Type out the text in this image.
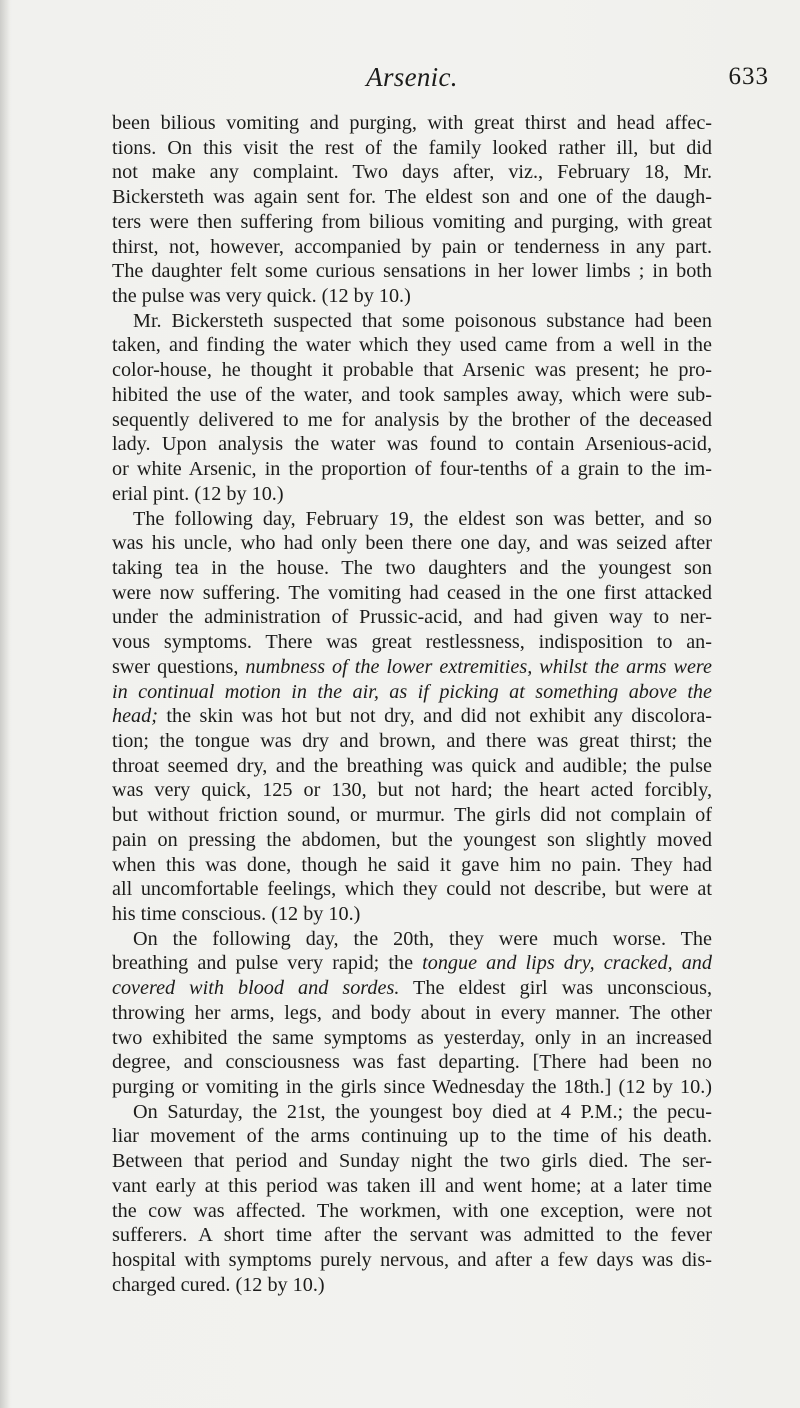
Arsenic.	633
been bilious vomiting and purging, with great thirst and head affec-
tions. On this visit the rest of the family looked rather ill, but did
not make any complaint. Two days after, viz., February 18, Mr.
Bickersteth was again sent for. The eldest son and one of the daugh-
ters were then suffering from bilious vomiting and purging, with great
thirst, not, however, accompanied by pain or tenderness in any part.
The daughter felt some curious sensations in her lower limbs ; in both
the pulse was very quick. (12 by 10.)
Mr. Bickersteth suspected that some poisonous substance had been
taken, and finding the water which they used came from a well in the
color-house, he thought it probable that Arsenic was present; he pro-
hibited the use of the water, and took samples away, which were sub-
sequently delivered to me for analysis by the brother of the deceased
lady. Upon analysis the water was found to contain Arsenious-acid,
or white Arsenic, in the proportion of four-tenths of a grain to the im-
erial pint. (12 by 10.)
The following day, February 19, the eldest son was better, and so
was his uncle, who had only been there one day, and was seized after
taking tea in the house. The two daughters and the youngest son
were now suffering. The vomiting had ceased in the one first attacked
under the administration of Prussic-acid, and had given way to ner-
vous symptoms. There was great restlessness, indisposition to an-
swer questions, numbness of the lower extremities, whilst the arms were
in continual motion in the air, as if picking at something above the
head; the skin was hot but not dry, and did not exhibit any discolora-
tion; the tongue was dry and brown, and there was great thirst; the
throat seemed dry, and the breathing was quick and audible; the pulse
was very quick, 125 or 130, but not hard; the heart acted forcibly,
but without friction sound, or murmur. The girls did not complain of
pain on pressing the abdomen, but the youngest son slightly moved
when this was done, though he said it gave him no pain. They had
all uncomfortable feelings, which they could not describe, but were at
his time conscious. (12 by 10.)
On the following day, the 20th, they were much worse. The
breathing and pulse very rapid; the tongue and lips dry, cracked, and
covered with blood and sordes. The eldest girl was unconscious,
throwing her arms, legs, and body about in every manner. The other
two exhibited the same symptoms as yesterday, only in an increased
degree, and consciousness was fast departing. [There had been no
purging or vomiting in the girls since Wednesday the 18th.] (12 by 10.)
On Saturday, the 21st, the youngest boy died at 4 P.M.; the pecu-
liar movement of the arms continuing up to the time of his death.
Between that period and Sunday night the two girls died. The ser-
vant early at this period was taken ill and went home; at a later time
the cow was affected. The workmen, with one exception, were not
sufferers. A short time after the servant was admitted to the fever
hospital with symptoms purely nervous, and after a few days was dis-
charged cured. (12 by 10.)
